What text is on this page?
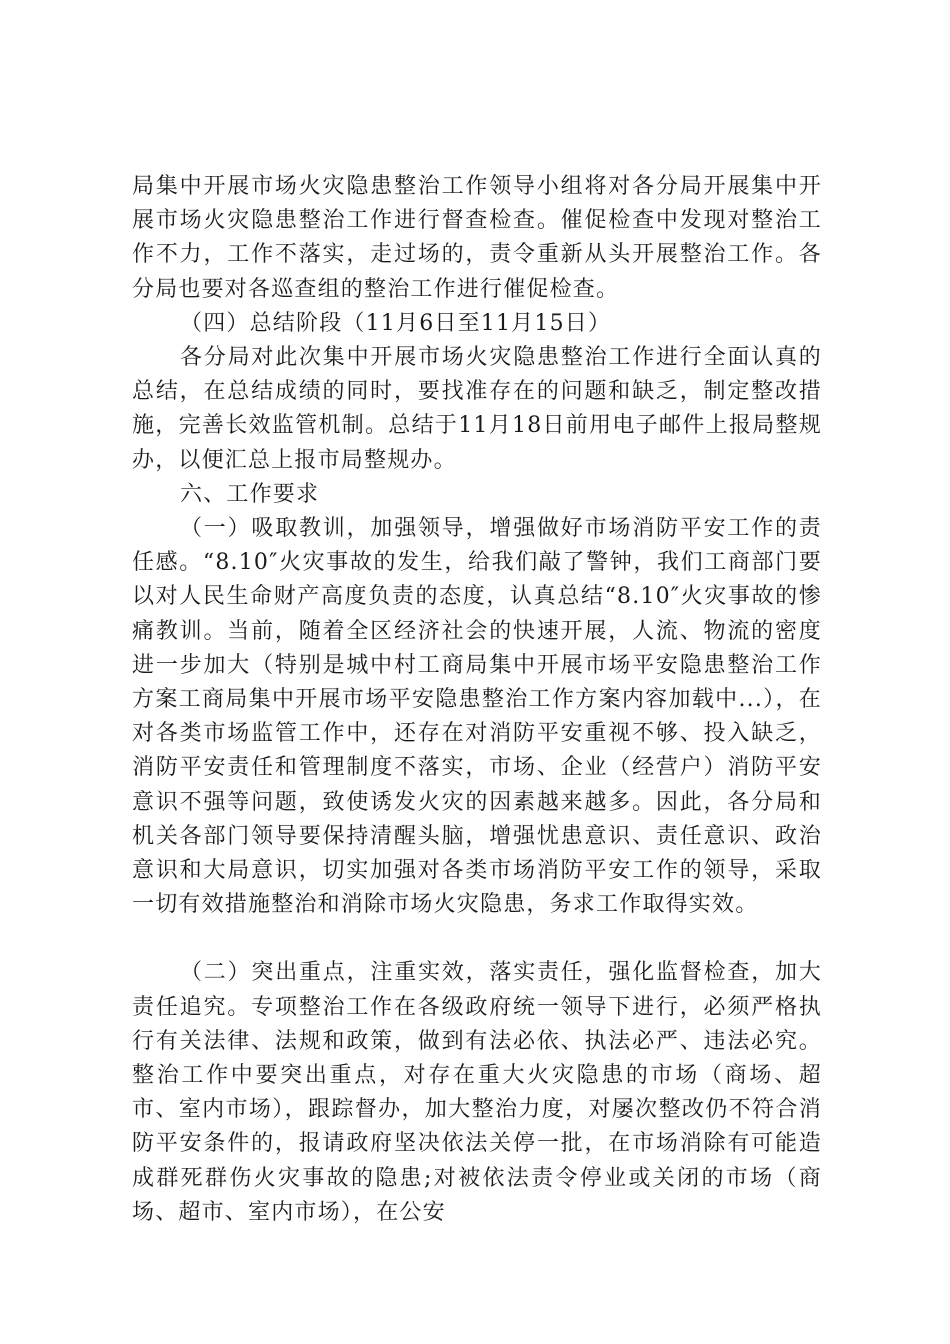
局集中开展市场火灾隐患整治工作领导小组将对各分局开展集中开展市场火灾隐患整治工作进行督查检查。催促检查中发现对整治工作不力，工作不落实，走过场的，责令重新从头开展整治工作。各分局也要对各巡查组的整治工作进行催促检查。

（四）总结阶段（11月6日至11月15日）

各分局对此次集中开展市场火灾隐患整治工作进行全面认真的总结，在总结成绩的同时，要找准存在的问题和缺乏，制定整改措施，完善长效监管机制。总结于11月18日前用电子邮件上报局整规办，以便汇总上报市局整规办。

六、工作要求

（一）吸取教训，加强领导，增强做好市场消防平安工作的责任感。“8.10″火灾事故的发生，给我们敲了警钟，我们工商部门要以对人民生命财产高度负责的态度，认真总结“8.10″火灾事故的惨痛教训。当前，随着全区经济社会的快速开展，人流、物流的密度进一步加大（特别是城中村工商局集中开展市场平安隐患整治工作方案工商局集中开展市场平安隐患整治工作方案内容加载中...），在对各类市场监管工作中，还存在对消防平安重视不够、投入缺乏，消防平安责任和管理制度不落实，市场、企业（经营户）消防平安意识不强等问题，致使诱发火灾的因素越来越多。因此，各分局和机关各部门领导要保持清醒头脑，增强忧患意识、责任意识、政治意识和大局意识，切实加强对各类市场消防平安工作的领导，采取一切有效措施整治和消除市场火灾隐患，务求工作取得实效。

（二）突出重点，注重实效，落实责任，强化监督检查，加大责任追究。专项整治工作在各级政府统一领导下进行，必须严格执行有关法律、法规和政策，做到有法必依、执法必严、违法必究。整治工作中要突出重点，对存在重大火灾隐患的市场（商场、超市、室内市场），跟踪督办，加大整治力度，对屡次整改仍不符合消防平安条件的，报请政府坚决依法关停一批，在市场消除有可能造成群死群伤火灾事故的隐患;对被依法责令停业或关闭的市场（商场、超市、室内市场），在公安
